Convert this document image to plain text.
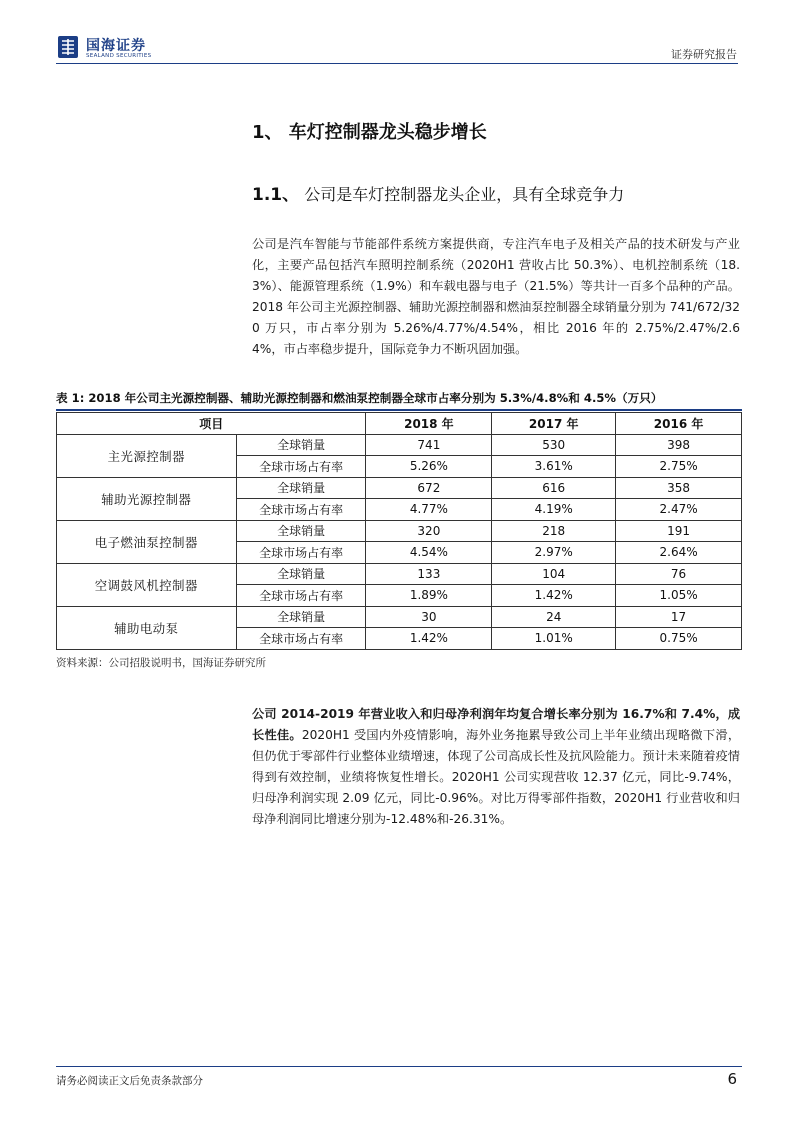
国海证券
SEALAND SECURITIES	证券研究报告
1、 车灯控制器龙头稳步增长
1.1、 公司是车灯控制器龙头企业，具有全球竞争力
公司是汽车智能与节能部件系统方案提供商，专注汽车电子及相关产品的技术研发与产业化，主要产品包括汽车照明控制系统（2020H1 营收占比 50.3%）、电机控制系统（18.3%）、能源管理系统（1.9%）和车载电器与电子（21.5%）等共计一百多个品种的产品。2018 年公司主光源控制器、辅助光源控制器和燃油泵控制器全球销量分别为 741/672/320 万只，市占率分别为 5.26%/4.77%/4.54%，相比 2016 年的 2.75%/2.47%/2.64%，市占率稳步提升，国际竞争力不断巩固加强。
表 1: 2018 年公司主光源控制器、辅助光源控制器和燃油泵控制器全球市占率分别为 5.3%/4.8%和 4.5%（万只）
项目		2018 年	2017 年	2016 年
主光源控制器	全球销量	741	530	398
	全球市场占有率	5.26%	3.61%	2.75%
辅助光源控制器	全球销量	672	616	358
	全球市场占有率	4.77%	4.19%	2.47%
电子燃油泵控制器	全球销量	320	218	191
	全球市场占有率	4.54%	2.97%	2.64%
空调鼓风机控制器	全球销量	133	104	76
	全球市场占有率	1.89%	1.42%	1.05%
辅助电动泵	全球销量	30	24	17
	全球市场占有率	1.42%	1.01%	0.75%
资料来源：公司招股说明书，国海证券研究所
公司 2014-2019 年营业收入和归母净利润年均复合增长率分别为 16.7%和 7.4%，成长性佳。2020H1 受国内外疫情影响，海外业务拖累导致公司上半年业绩出现略微下滑，但仍优于零部件行业整体业绩增速，体现了公司高成长性及抗风险能力。预计未来随着疫情得到有效控制，业绩将恢复性增长。2020H1 公司实现营收 12.37 亿元，同比-9.74%，归母净利润实现 2.09 亿元，同比-0.96%。对比万得零部件指数，2020H1 行业营收和归母净利润同比增速分别为-12.48%和-26.31%。
请务必阅读正文后免责条款部分	6
